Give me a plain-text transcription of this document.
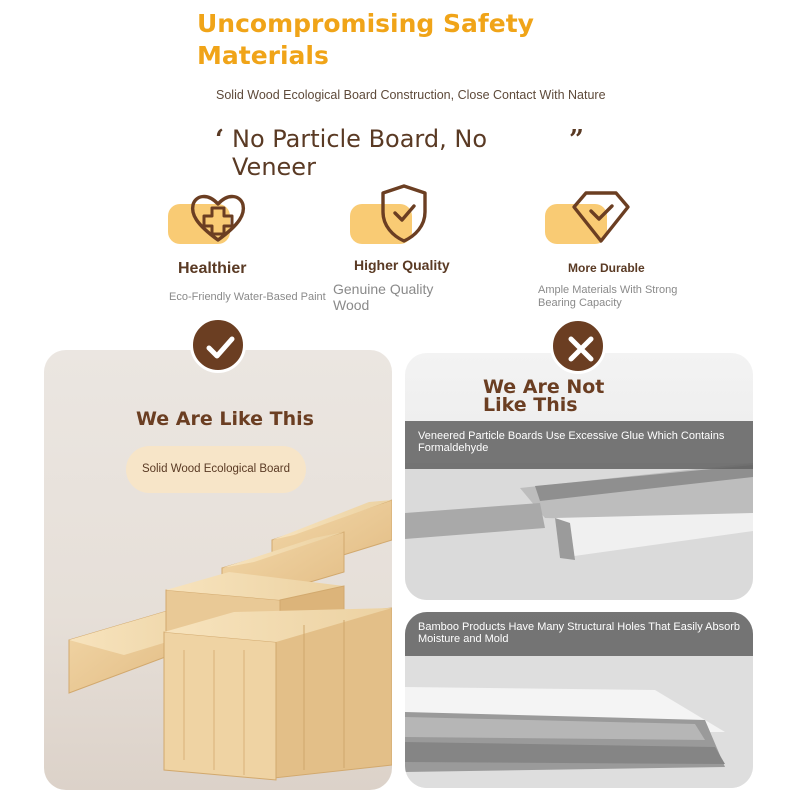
Uncompromising Safety Materials
Solid Wood Ecological Board Construction, Close Contact With Nature
‘ No Particle Board, No Veneer
”
Healthier
Eco-Friendly Water-Based Paint
Higher Quality
Genuine Quality Wood
More Durable
Ample Materials With Strong Bearing Capacity
We Are Like This
Solid Wood Ecological Board
We Are Not Like This
Veneered Particle Boards Use Excessive Glue Which Contains Formaldehyde
Bamboo Products Have Many Structural Holes That Easily Absorb Moisture and Mold
